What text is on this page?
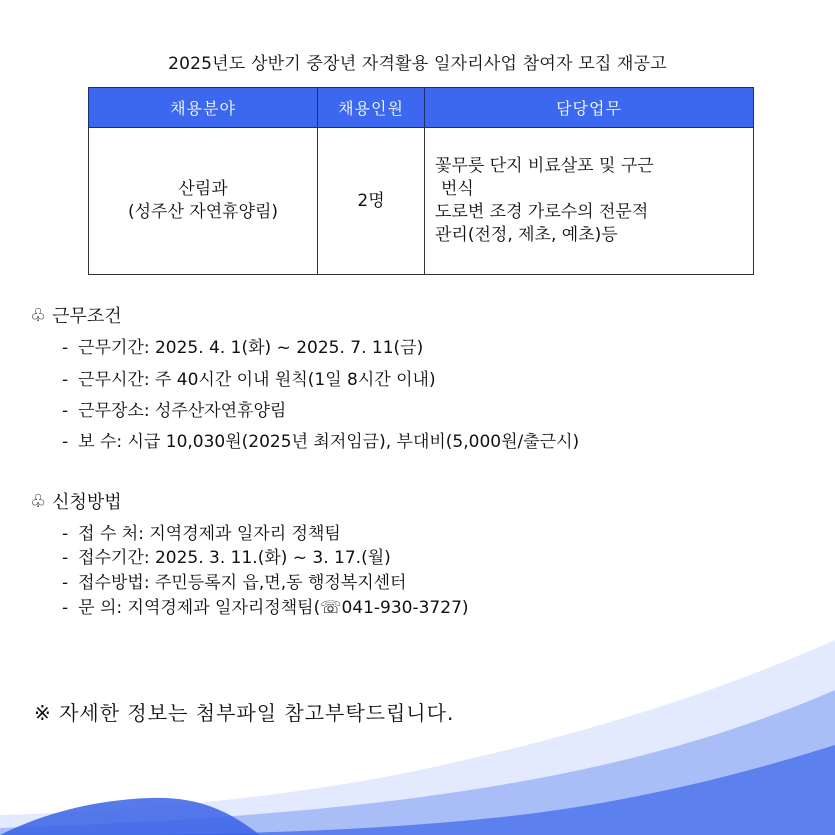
2025년도 상반기 중장년 자격활용 일자리사업 참여자 모집 재공고
채용분야	채용인원	담당업무

산림과
(성주산 자연휴양림)	2명	꽃무릇 단지 비료살포 및 구근
번식
도로변 조경 가로수의 전문적
관리(전정, 제초, 예초)등
♧ 근무조건
- 근무기간: 2025. 4. 1(화) ~ 2025. 7. 11(금)
- 근무시간: 주 40시간 이내 원칙(1일 8시간 이내)
- 근무장소: 성주산자연휴양림
- 보 수: 시급 10,030원(2025년 최저임금), 부대비(5,000원/출근시)
♧ 신청방법
- 접 수 처: 지역경제과 일자리 정책팀
- 접수기간: 2025. 3. 11.(화) ~ 3. 17.(월)
- 접수방법: 주민등록지 읍,면,동 행정복지센터
- 문 의: 지역경제과 일자리정책팀(☏041-930-3727)
※ 자세한 정보는 첨부파일 참고부탁드립니다.
